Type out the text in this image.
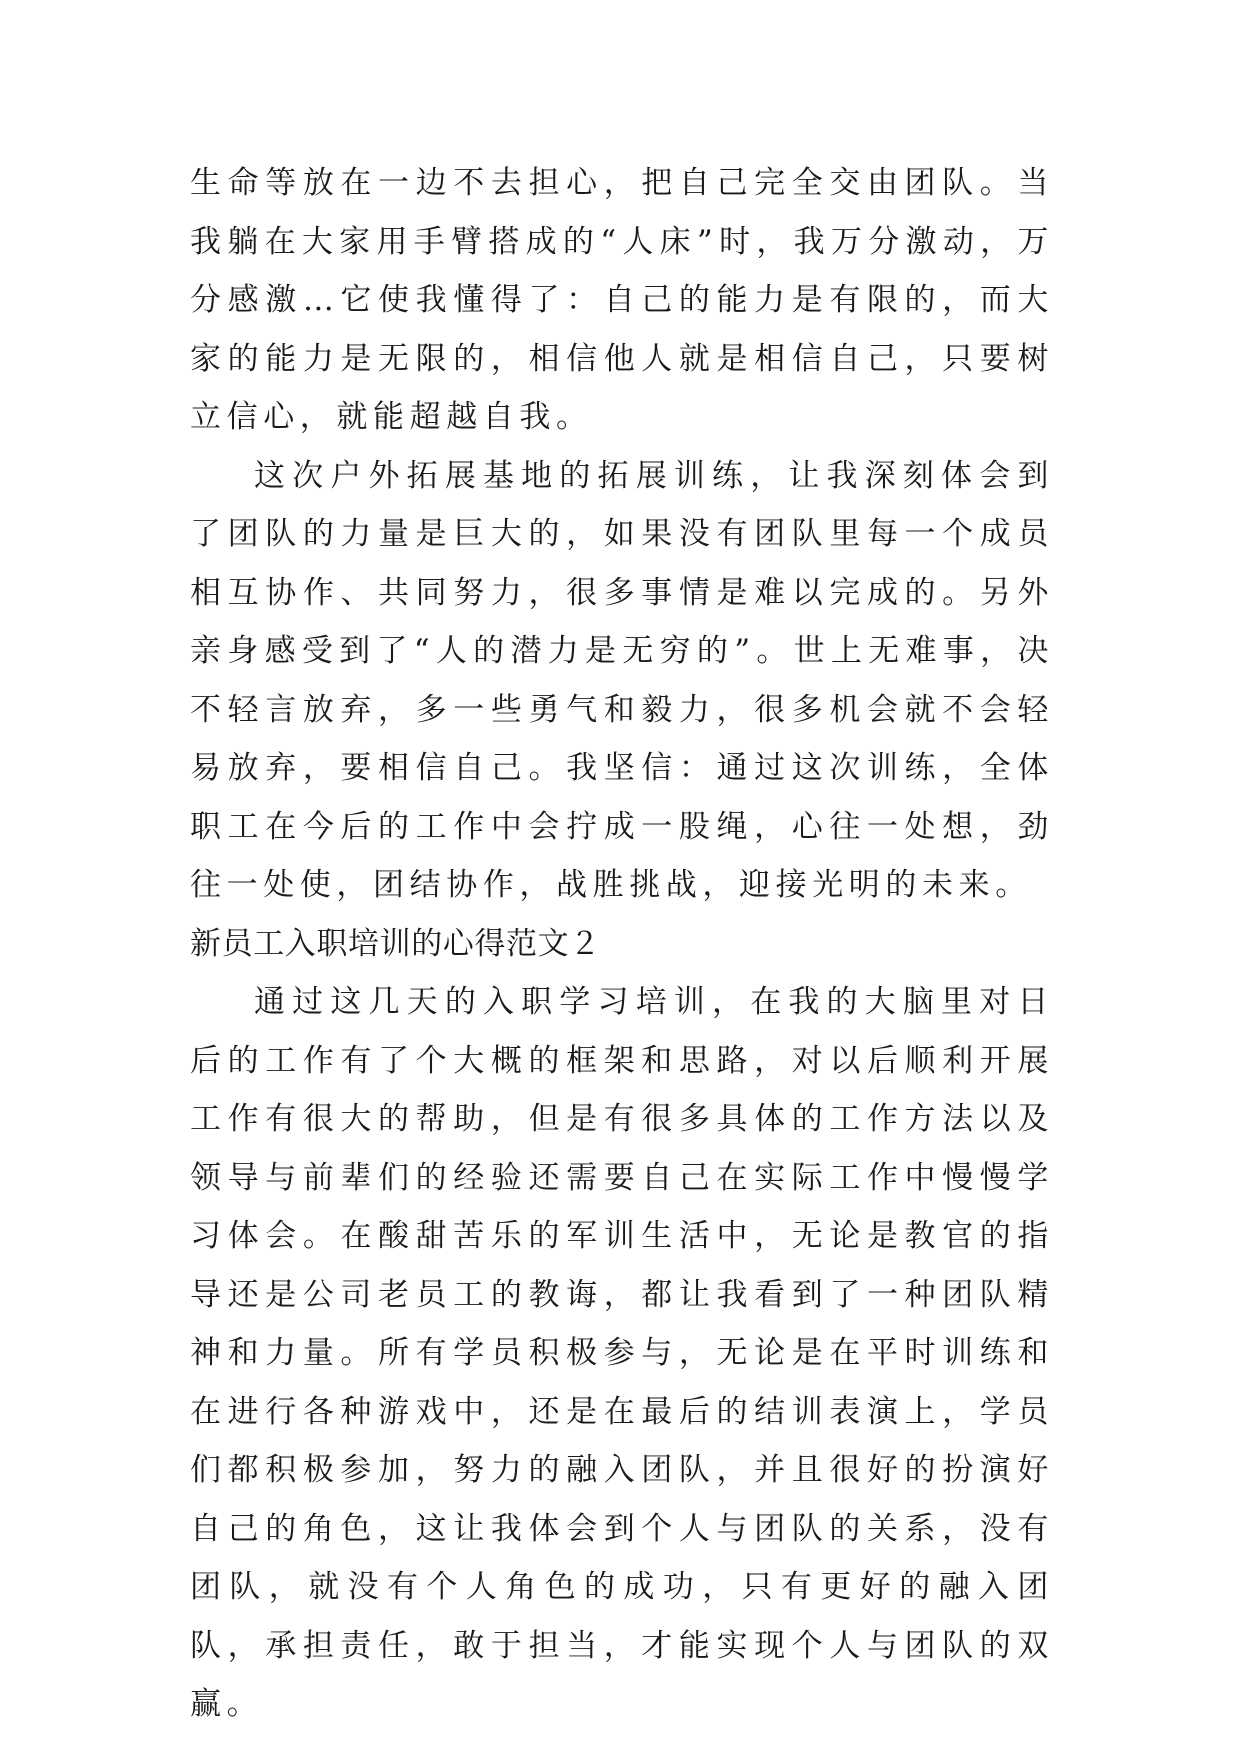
生命等放在一边不去担心，把自己完全交由团队。当我躺在大家用手臂搭成的“人床”时，我万分激动，万分感激…它使我懂得了：自己的能力是有限的，而大家的能力是无限的，相信他人就是相信自己，只要树立信心，就能超越自我。

这次户外拓展基地的拓展训练，让我深刻体会到了团队的力量是巨大的，如果没有团队里每一个成员相互协作、共同努力，很多事情是难以完成的。另外亲身感受到了“人的潜力是无穷的”。世上无难事，决不轻言放弃，多一些勇气和毅力，很多机会就不会轻易放弃，要相信自己。我坚信：通过这次训练，全体职工在今后的工作中会拧成一股绳，心往一处想，劲往一处使，团结协作，战胜挑战，迎接光明的未来。

新员工入职培训的心得范文２

通过这几天的入职学习培训，在我的大脑里对日后的工作有了个大概的框架和思路，对以后顺利开展工作有很大的帮助，但是有很多具体的工作方法以及领导与前辈们的经验还需要自己在实际工作中慢慢学习体会。在酸甜苦乐的军训生活中，无论是教官的指导还是公司老员工的教诲，都让我看到了一种团队精神和力量。所有学员积极参与，无论是在平时训练和在进行各种游戏中，还是在最后的结训表演上，学员们都积极参加，努力的融入团队，并且很好的扮演好自己的角色，这让我体会到个人与团队的关系，没有团队，就没有个人角色的成功，只有更好的融入团队，承担责任，敢于担当，才能实现个人与团队的双赢。
